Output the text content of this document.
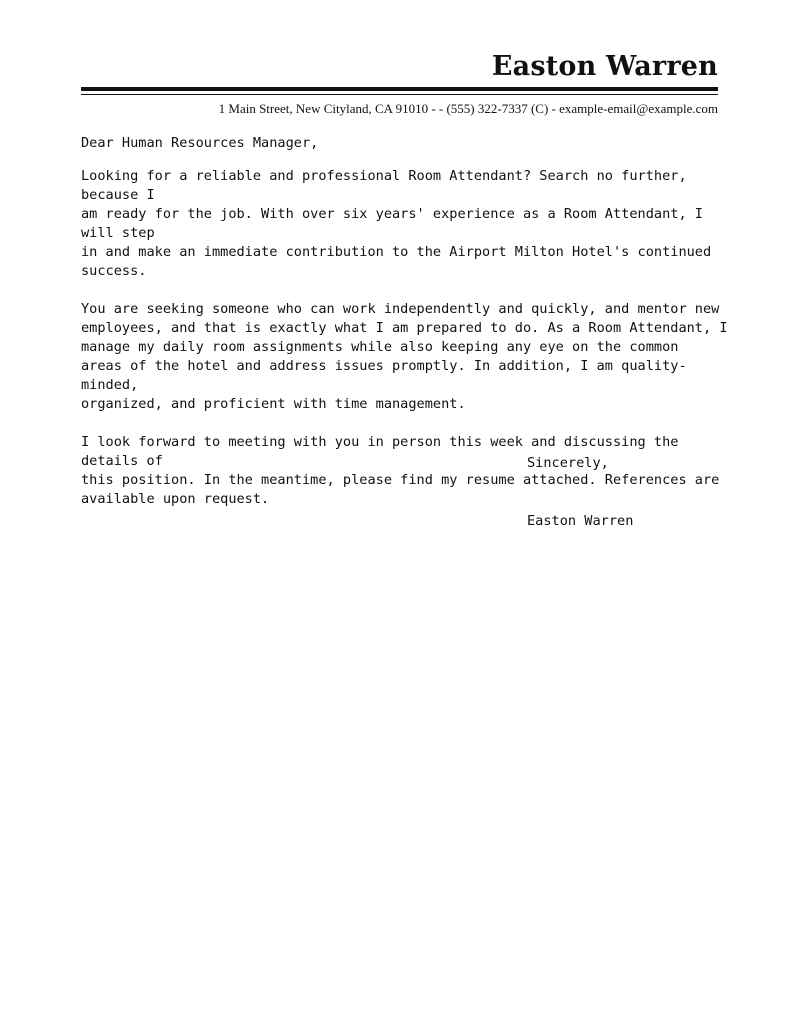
Easton Warren
1 Main Street, New Cityland, CA 91010 - - (555) 322-7337 (C) - example-email@example.com

Dear Human Resources Manager,

Looking for a reliable and professional Room Attendant? Search no further, because I
am ready for the job. With over six years' experience as a Room Attendant, I will step
in and make an immediate contribution to the Airport Milton Hotel's continued
success.

You are seeking someone who can work independently and quickly, and mentor new
employees, and that is exactly what I am prepared to do. As a Room Attendant, I
manage my daily room assignments while also keeping any eye on the common
areas of the hotel and address issues promptly. In addition, I am quality-minded,
organized, and proficient with time management.

I look forward to meeting with you in person this week and discussing the details of
this position. In the meantime, please find my resume attached. References are
available upon request.

Sincerely,
Easton Warren
